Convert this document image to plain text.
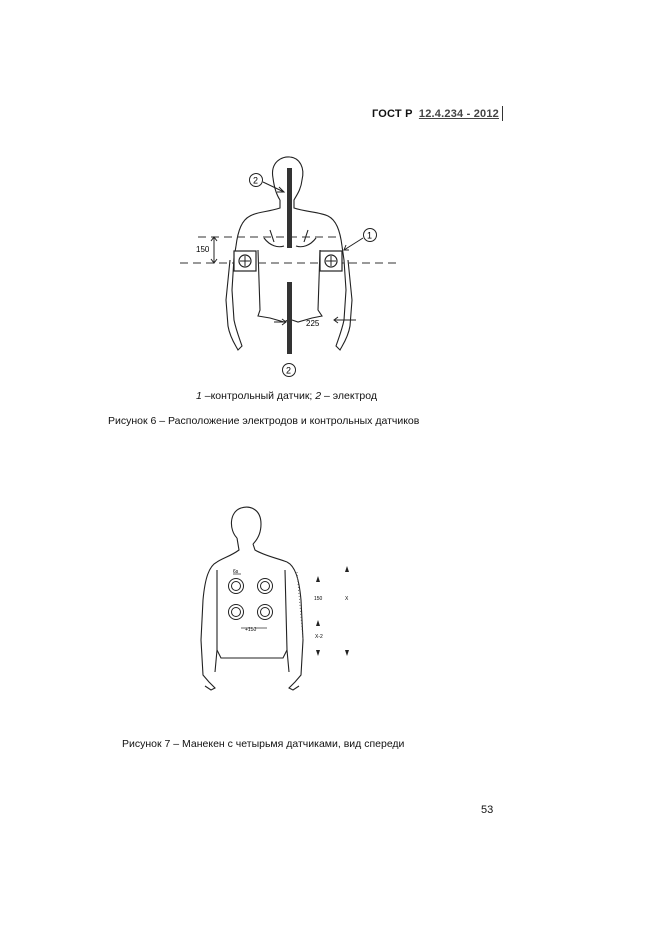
ГОСТ Р 12.4.234 - 2012
150
225
2
1
2
1 –контрольный датчик; 2 – электрод
Рисунок 6 – Расположение электродов и контрольных датчиков
6s
+150
150	X
X-2
Рисунок 7 – Манекен с четырьмя датчиками, вид спереди
53
